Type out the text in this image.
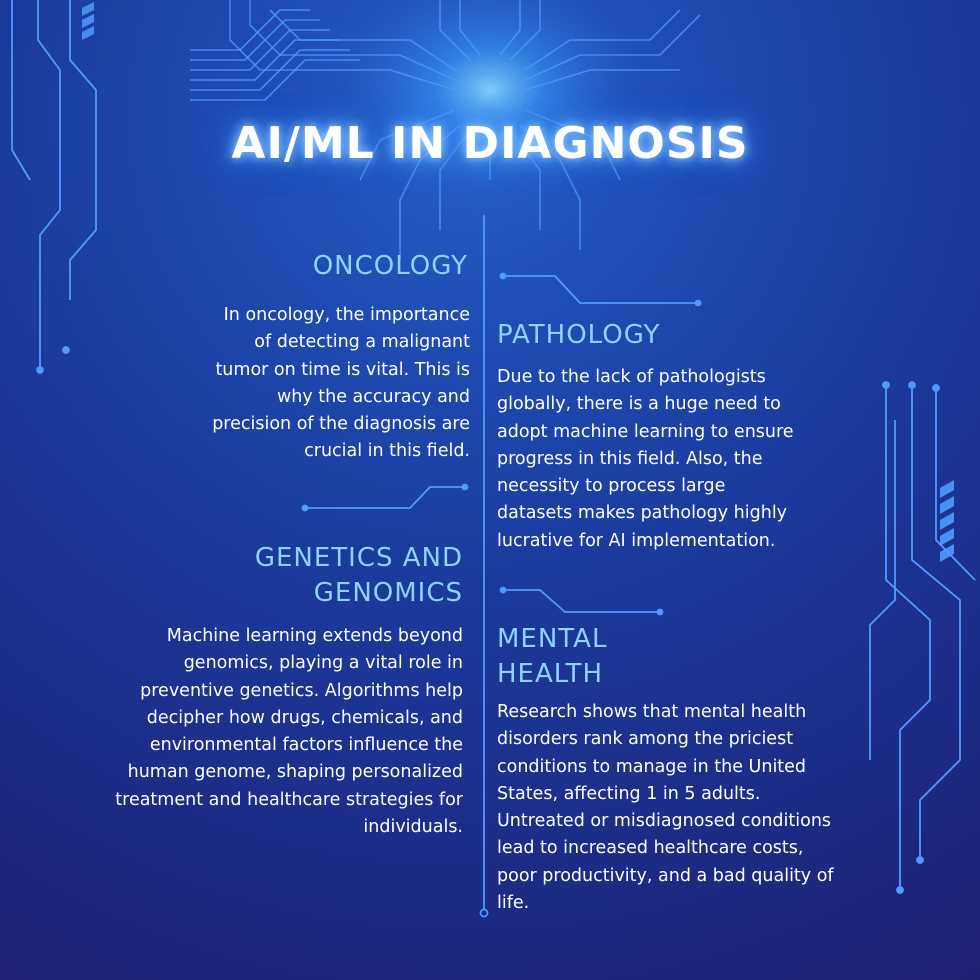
AI/ML IN DIAGNOSIS
ONCOLOGY
In oncology, the importance
of detecting a malignant
tumor on time is vital. This is
why the accuracy and
precision of the diagnosis are
crucial in this field.
PATHOLOGY
Due to the lack of pathologists
globally, there is a huge need to
adopt machine learning to ensure
progress in this field. Also, the
necessity to process large
datasets makes pathology highly
lucrative for AI implementation.
GENETICS AND
GENOMICS
Machine learning extends beyond
genomics, playing a vital role in
preventive genetics. Algorithms help
decipher how drugs, chemicals, and
environmental factors influence the
human genome, shaping personalized
treatment and healthcare strategies for
individuals.
MENTAL
HEALTH
Research shows that mental health
disorders rank among the priciest
conditions to manage in the United
States, affecting 1 in 5 adults.
Untreated or misdiagnosed conditions
lead to increased healthcare costs,
poor productivity, and a bad quality of
life.
